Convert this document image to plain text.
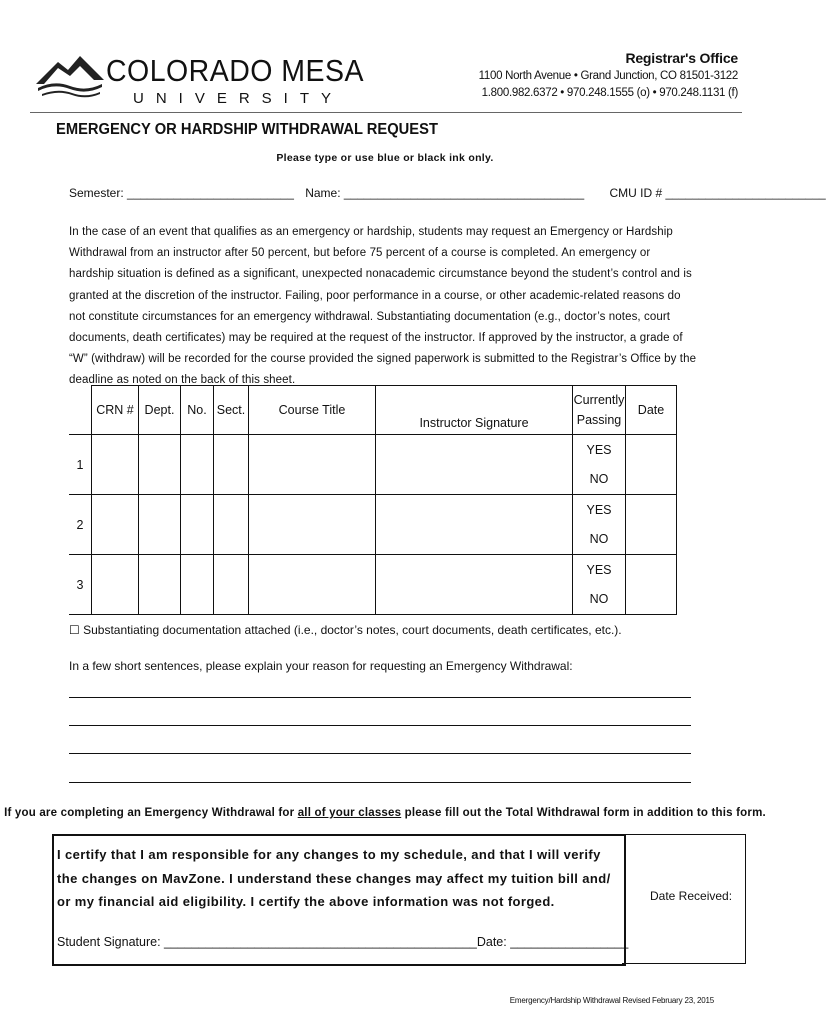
COLORADO MESA
UNIVERSITY
Registrar's Office
1100 North Avenue • Grand Junction, CO 81501-3122
1.800.982.6372 • 970.248.1555 (o) • 970.248.1131 (f)
EMERGENCY OR HARDSHIP WITHDRAWAL REQUEST
Please type or use blue or black ink only.
Semester: _________________________ Name: ____________________________________ CMU ID # ________________________
In the case of an event that qualifies as an emergency or hardship, students may request an Emergency or Hardship Withdrawal from an instructor after 50 percent, but before 75 percent of a course is completed. An emergency or hardship situation is defined as a significant, unexpected nonacademic circumstance beyond the student’s control and is granted at the discretion of the instructor. Failing, poor performance in a course, or other academic-related reasons do not constitute circumstances for an emergency withdrawal. Substantiating documentation (e.g., doctor’s notes, court documents, death certificates) may be required at the request of the instructor. If approved by the instructor, a grade of “W” (withdraw) will be recorded for the course provided the signed paperwork is submitted to the Registrar’s Office by the deadline as noted on the back of this sheet.
	CRN #	Dept.	No.	Sect.	Course Title	Instructor Signature	Currently Passing	Date
1							YES
NO	

2							YES
NO	

3							YES
NO	

☐ Substantiating documentation attached (i.e., doctor’s notes, court documents, death certificates, etc.).
In a few short sentences, please explain your reason for requesting an Emergency Withdrawal:
If you are completing an Emergency Withdrawal for all of your classes please fill out the Total Withdrawal form in addition to this form.
I certify that I am responsible for any changes to my schedule, and that I will verify the changes on MavZone. I understand these changes may affect my tuition bill and/ or my financial aid eligibility. I certify the above information was not forged.
Student Signature: _____________________________________________Date: _________________
Date Received:
Emergency/Hardship Withdrawal Revised February 23, 2015
